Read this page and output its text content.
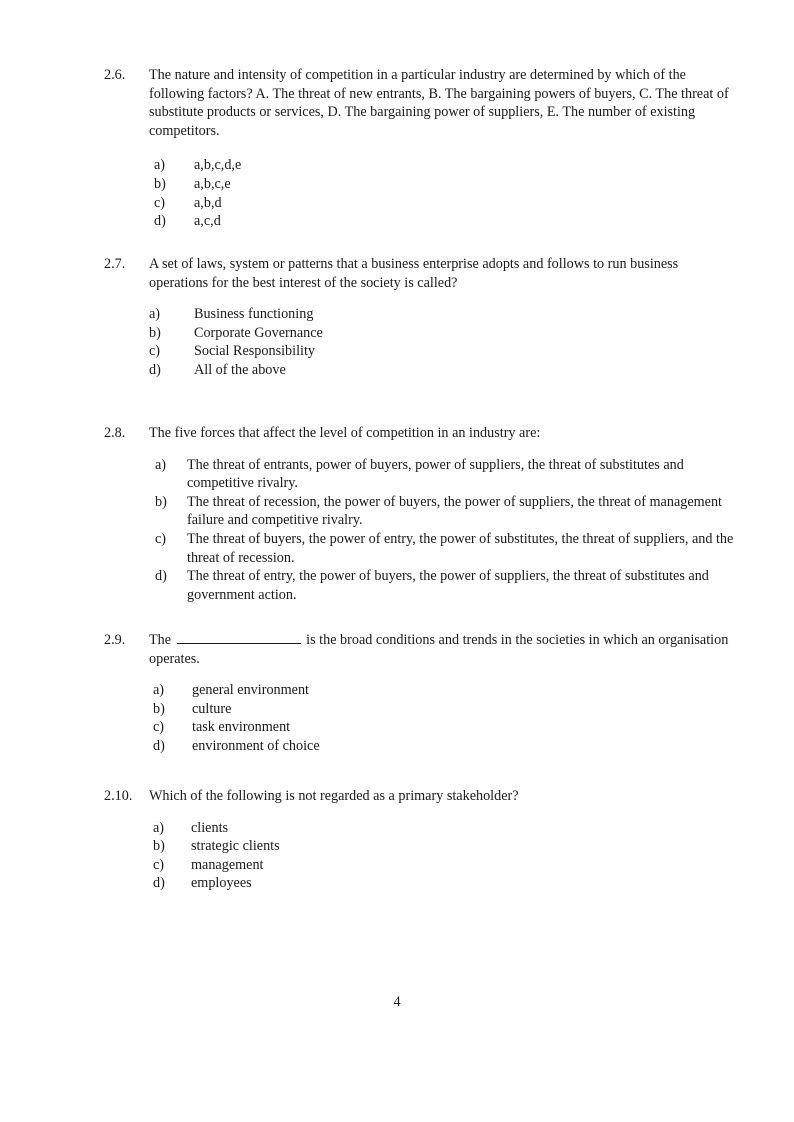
2.6.	The nature and intensity of competition in a particular industry are determined by which of the following factors? A. The threat of new entrants, B. The bargaining powers of buyers, C. The threat of substitute products or services, D. The bargaining power of suppliers, E. The number of existing competitors.
a) a,b,c,d,e
b) a,b,c,e
c) a,b,d
d) a,c,d
2.7.	A set of laws, system or patterns that a business enterprise adopts and follows to run business operations for the best interest of the society is called?
a) Business functioning
b) Corporate Governance
c) Social Responsibility
d) All of the above
2.8.	The five forces that affect the level of competition in an industry are:
a) The threat of entrants, power of buyers, power of suppliers, the threat of substitutes and competitive rivalry.
b) The threat of recession, the power of buyers, the power of suppliers, the threat of management failure and competitive rivalry.
c) The threat of buyers, the power of entry, the power of substitutes, the threat of suppliers, and the threat of recession.
d) The threat of entry, the power of buyers, the power of suppliers, the threat of substitutes and government action.
2.9.	The	is the broad conditions and trends in the societies in which an organisation operates.
a) general environment
b) culture
c) task environment
d) environment of choice
2.10.	Which of the following is not regarded as a primary stakeholder?
a) clients
b) strategic clients
c) management
d) employees
4
